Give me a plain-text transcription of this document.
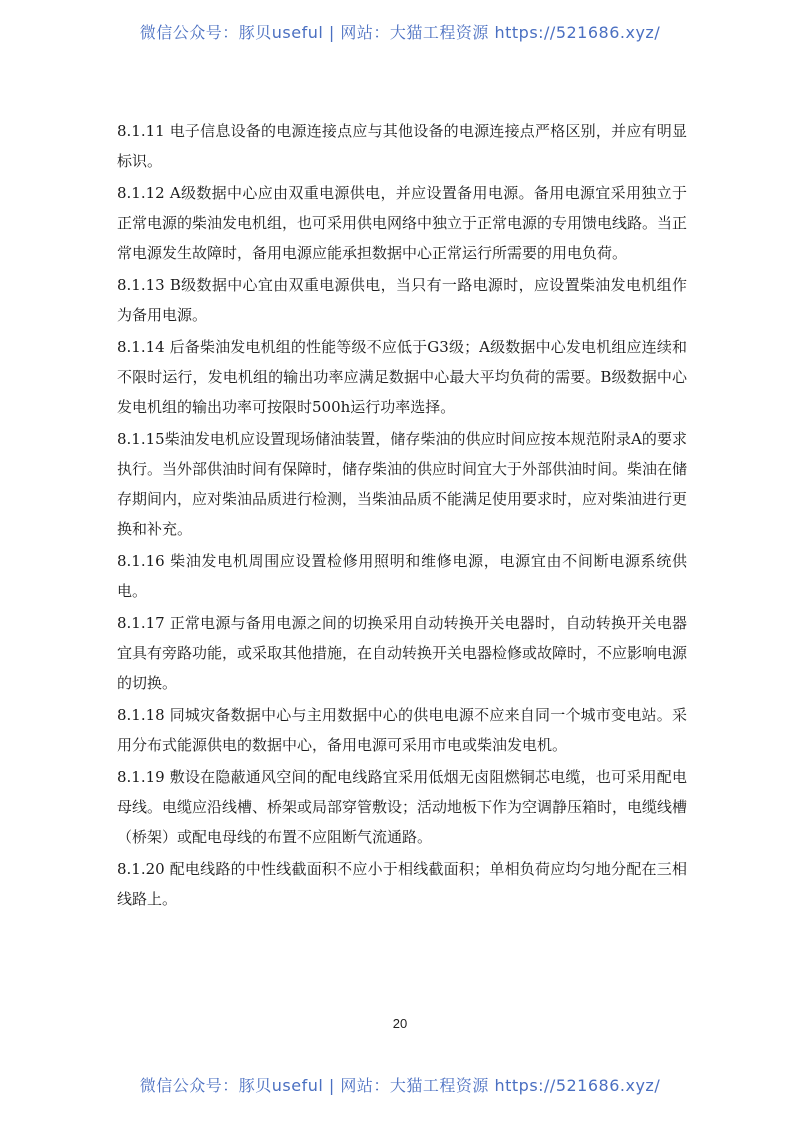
微信公众号：豚贝useful | 网站：大猫工程资源 https://521686.xyz/

8.1.11 电子信息设备的电源连接点应与其他设备的电源连接点严格区别，并应有明显标识。

8.1.12 A级数据中心应由双重电源供电，并应设置备用电源。备用电源宜采用独立于正常电源的柴油发电机组，也可采用供电网络中独立于正常电源的专用馈电线路。当正常电源发生故障时，备用电源应能承担数据中心正常运行所需要的用电负荷。

8.1.13 B级数据中心宜由双重电源供电，当只有一路电源时，应设置柴油发电机组作为备用电源。

8.1.14 后备柴油发电机组的性能等级不应低于G3级；A级数据中心发电机组应连续和不限时运行，发电机组的输出功率应满足数据中心最大平均负荷的需要。B级数据中心发电机组的输出功率可按限时500h运行功率选择。

8.1.15柴油发电机应设置现场储油装置，储存柴油的供应时间应按本规范附录A的要求执行。当外部供油时间有保障时，储存柴油的供应时间宜大于外部供油时间。柴油在储存期间内，应对柴油品质进行检测，当柴油品质不能满足使用要求时，应对柴油进行更换和补充。

8.1.16 柴油发电机周围应设置检修用照明和维修电源，电源宜由不间断电源系统供电。

8.1.17 正常电源与备用电源之间的切换采用自动转换开关电器时，自动转换开关电器宜具有旁路功能，或采取其他措施，在自动转换开关电器检修或故障时，不应影响电源的切换。

8.1.18 同城灾备数据中心与主用数据中心的供电电源不应来自同一个城市变电站。采用分布式能源供电的数据中心，备用电源可采用市电或柴油发电机。

8.1.19 敷设在隐蔽通风空间的配电线路宜采用低烟无卤阻燃铜芯电缆，也可采用配电母线。电缆应沿线槽、桥架或局部穿管敷设；活动地板下作为空调静压箱时，电缆线槽（桥架）或配电母线的布置不应阻断气流通路。

8.1.20 配电线路的中性线截面积不应小于相线截面积；单相负荷应均匀地分配在三相线路上。

20
微信公众号：豚贝useful | 网站：大猫工程资源 https://521686.xyz/
